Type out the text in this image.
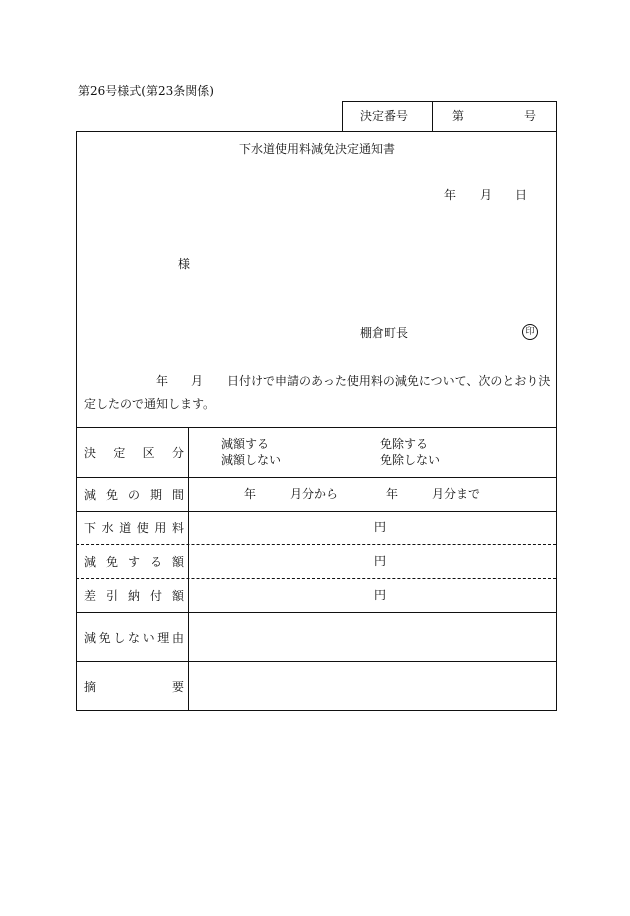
第26号様式(第23条関係)
決定番号	第	号
下水道使用料減免決定通知書
年 月 日
様
棚倉町長	印
年 月 日付けで申請のあった使用料の減免について、次のとおり決
定したので通知します。
決 定 区 分
減額する	免除する
減額しない	免除しない
減 免 の 期 間	年	月分から	年	月分まで
下 水 道 使 用 料	円
減 免 す る 額	円
差 引 納 付 額	円
減 免 し な い 理 由
摘	要
